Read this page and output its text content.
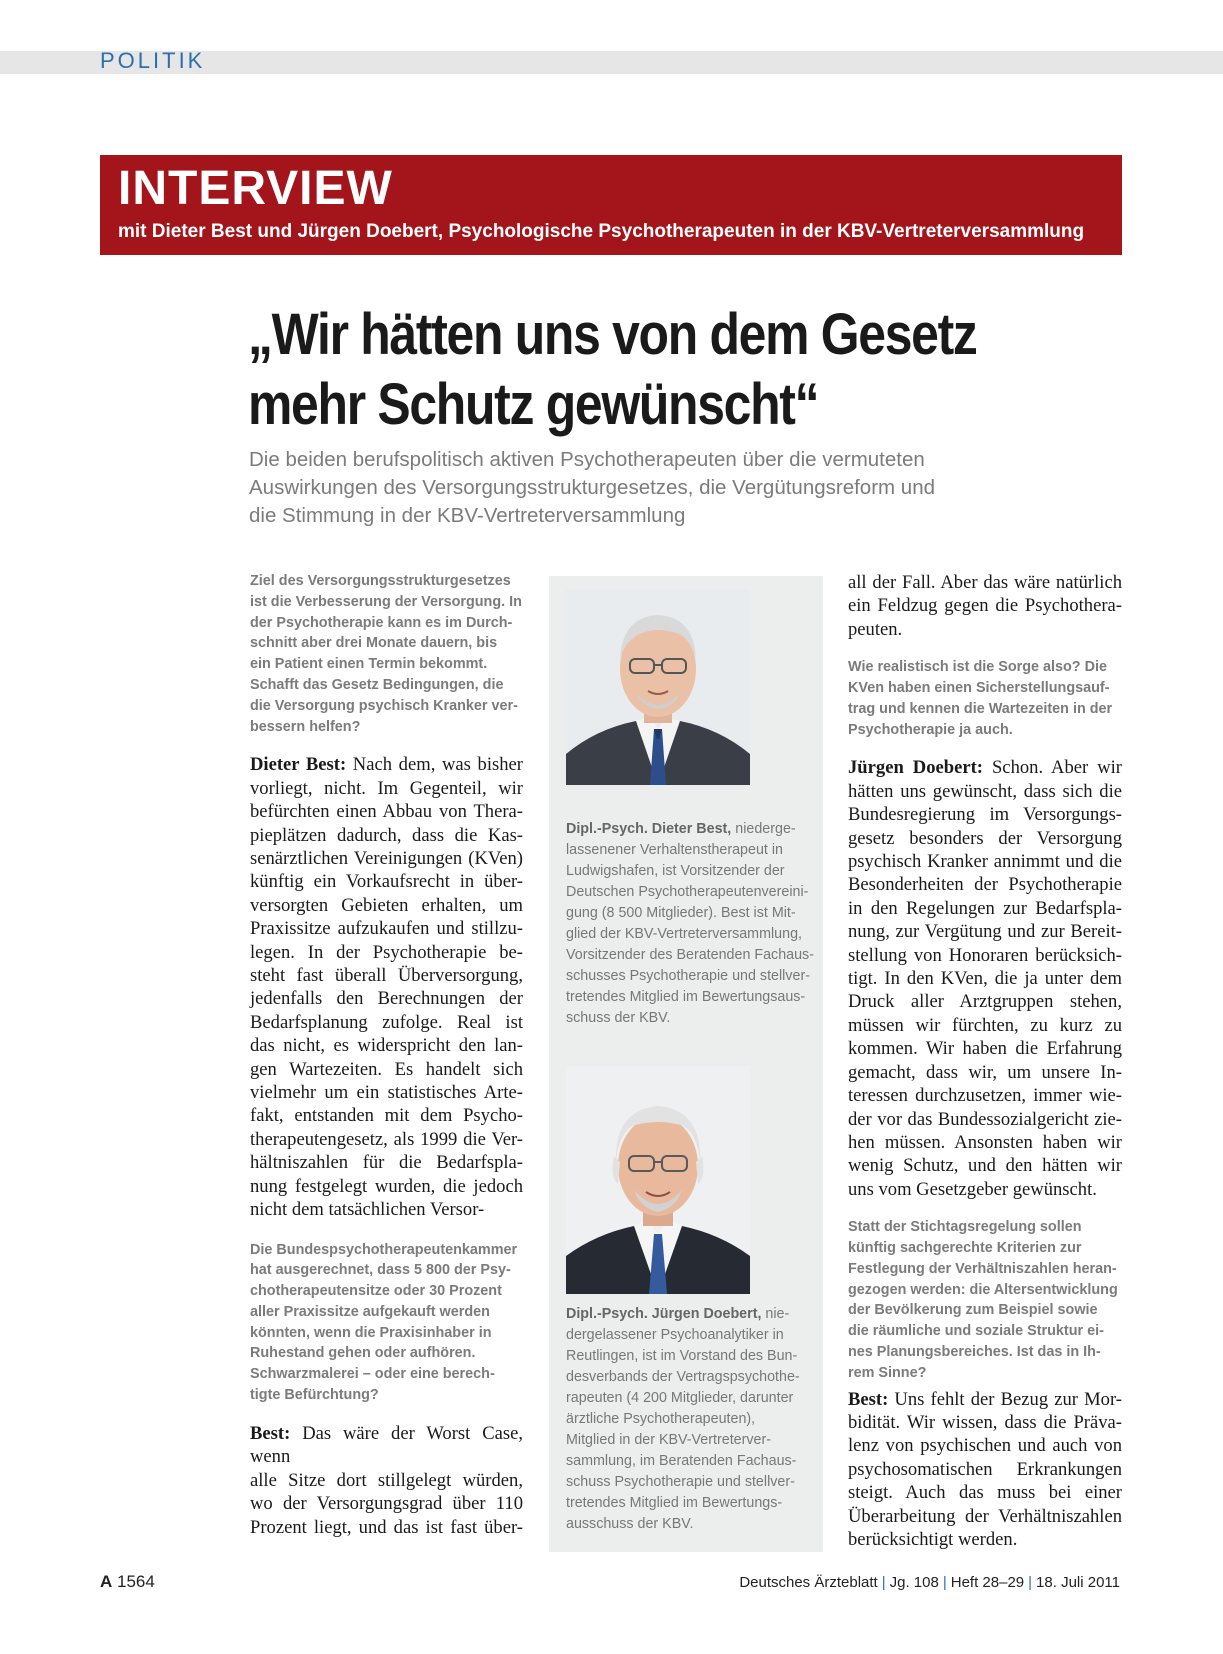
POLITIK
INTERVIEW
mit Dieter Best und Jürgen Doebert, Psychologische Psychotherapeuten in der KBV-Vertreterversammlung
„Wir hätten uns von dem Gesetz
mehr Schutz gewünscht“
Die beiden berufspolitisch aktiven Psychotherapeuten über die vermuteten
Auswirkungen des Versorgungsstrukturgesetzes, die Vergütungsreform und
die Stimmung in der KBV-Vertreterversammlung
Ziel des Versorgungsstrukturgesetzes
ist die Verbesserung der Versorgung. In
der Psychotherapie kann es im Durch-
schnitt aber drei Monate dauern, bis
ein Patient einen Termin bekommt.
Schafft das Gesetz Bedingungen, die
die Versorgung psychisch Kranker ver-
bessern helfen?
Dieter Best: Nach dem, was bisher
vorliegt, nicht. Im Gegenteil, wir
befürchten einen Abbau von Thera-
pieplätzen dadurch, dass die Kas-
senärztlichen Vereinigungen (KVen)
künftig ein Vorkaufsrecht in über-
versorgten Gebieten erhalten, um
Praxissitze aufzukaufen und stillzu-
legen. In der Psychotherapie be-
steht fast überall Überversorgung,
jedenfalls den Berechnungen der
Bedarfsplanung zufolge. Real ist
das nicht, es widerspricht den lan-
gen Wartezeiten. Es handelt sich
vielmehr um ein statistisches Arte-
fakt, entstanden mit dem Psycho-
therapeutengesetz, als 1999 die Ver-
hältniszahlen für die Bedarfspla-
nung festgelegt wurden, die jedoch
nicht dem tatsächlichen Versor-
Die Bundespsychotherapeutenkammer
hat ausgerechnet, dass 5 800 der Psy-
chotherapeutensitze oder 30 Prozent
aller Praxissitze aufgekauft werden
könnten, wenn die Praxisinhaber in
Ruhestand gehen oder aufhören.
Schwarzmalerei – oder eine berech-
tigte Befürchtung?
Best: Das wäre der Worst Case, wenn
alle Sitze dort stillgelegt würden,
wo der Versorgungsgrad über 110
Prozent liegt, und das ist fast über-
Dipl.-Psych. Dieter Best, niederge-
lassenener Verhaltenstherapeut in
Ludwigshafen, ist Vorsitzender der
Deutschen Psychotherapeutenvereini-
gung (8 500 Mitglieder). Best ist Mit-
glied der KBV-Vertreterversammlung,
Vorsitzender des Beratenden Fachaus-
schusses Psychotherapie und stellver-
tretendes Mitglied im Bewertungsaus-
schuss der KBV.
Dipl.-Psych. Jürgen Doebert, nie-
dergelassener Psychoanalytiker in
Reutlingen, ist im Vorstand des Bun-
desverbands der Vertragspsychothe-
rapeuten (4 200 Mitglieder, darunter
ärztliche Psychotherapeuten),
Mitglied in der KBV-Vertreterver-
sammlung, im Beratenden Fachaus-
schuss Psychotherapie und stellver-
tretendes Mitglied im Bewertungs-
ausschuss der KBV.
all der Fall. Aber das wäre natürlich
ein Feldzug gegen die Psychothera-
peuten.
Wie realistisch ist die Sorge also? Die
KVen haben einen Sicherstellungsauf-
trag und kennen die Wartezeiten in der
Psychotherapie ja auch.
Jürgen Doebert: Schon. Aber wir
hätten uns gewünscht, dass sich die
Bundesregierung im Versorgungs-
gesetz besonders der Versorgung
psychisch Kranker annimmt und die
Besonderheiten der Psychotherapie
in den Regelungen zur Bedarfspla-
nung, zur Vergütung und zur Bereit-
stellung von Honoraren berücksich-
tigt. In den KVen, die ja unter dem
Druck aller Arztgruppen stehen,
müssen wir fürchten, zu kurz zu
kommen. Wir haben die Erfahrung
gemacht, dass wir, um unsere In-
teressen durchzusetzen, immer wie-
der vor das Bundessozialgericht zie-
hen müssen. Ansonsten haben wir
wenig Schutz, und den hätten wir
uns vom Gesetzgeber gewünscht.
Statt der Stichtagsregelung sollen
künftig sachgerechte Kriterien zur
Festlegung der Verhältniszahlen heran-
gezogen werden: die Altersentwicklung
der Bevölkerung zum Beispiel sowie
die räumliche und soziale Struktur ei-
nes Planungsbereiches. Ist das in Ih-
rem Sinne?
Best: Uns fehlt der Bezug zur Mor-
bidität. Wir wissen, dass die Präva-
lenz von psychischen und auch von
psychosomatischen Erkrankungen
steigt. Auch das muss bei einer
Überarbeitung der Verhältniszahlen
berücksichtigt werden.
A 1564	Deutsches Ärzteblatt | Jg. 108 | Heft 28–29 | 18. Juli 2011
